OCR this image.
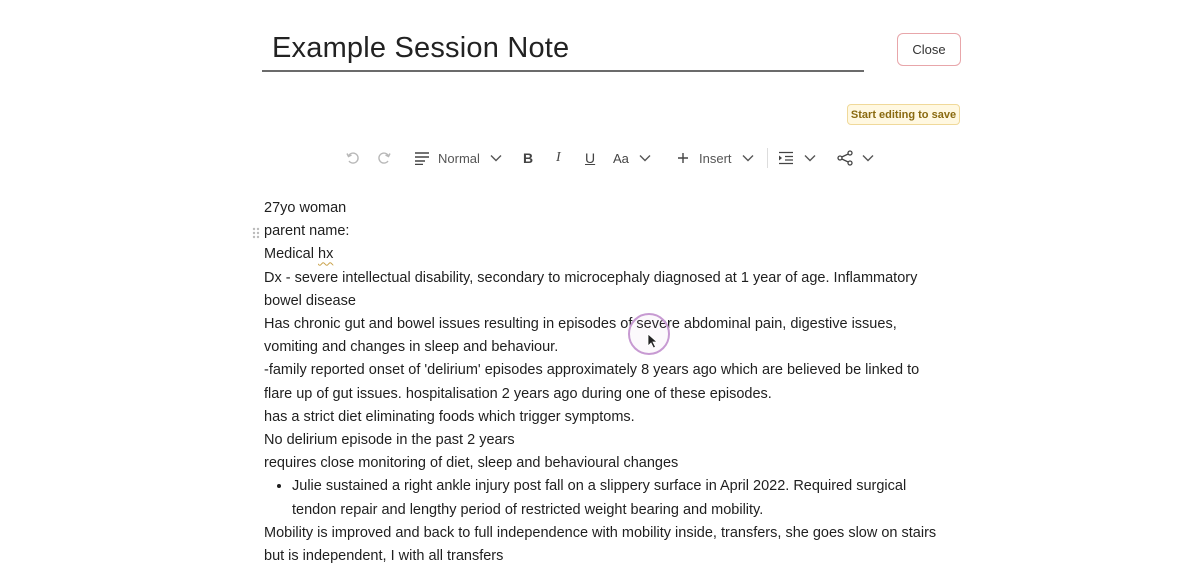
Example Session Note	Close
Start editing to save
Normal	B I U Aa	Insert
27yo woman
parent name:
Medical hx
Dx - severe intellectual disability, secondary to microcephaly diagnosed at 1 year of age. Inflammatory bowel disease
Has chronic gut and bowel issues resulting in episodes of severe abdominal pain, digestive issues, vomiting and changes in sleep and behaviour.
-family reported onset of 'delirium' episodes approximately 8 years ago which are believed be linked to flare up of gut issues. hospitalisation 2 years ago during one of these episodes.
has a strict diet eliminating foods which trigger symptoms.
No delirium episode in the past 2 years
requires close monitoring of diet, sleep and behavioural changes
• Julie sustained a right ankle injury post fall on a slippery surface in April 2022. Required surgical tendon repair and lengthy period of restricted weight bearing and mobility.
Mobility is improved and back to full independence with mobility inside, transfers, she goes slow on stairs but is independent, I with all transfers
